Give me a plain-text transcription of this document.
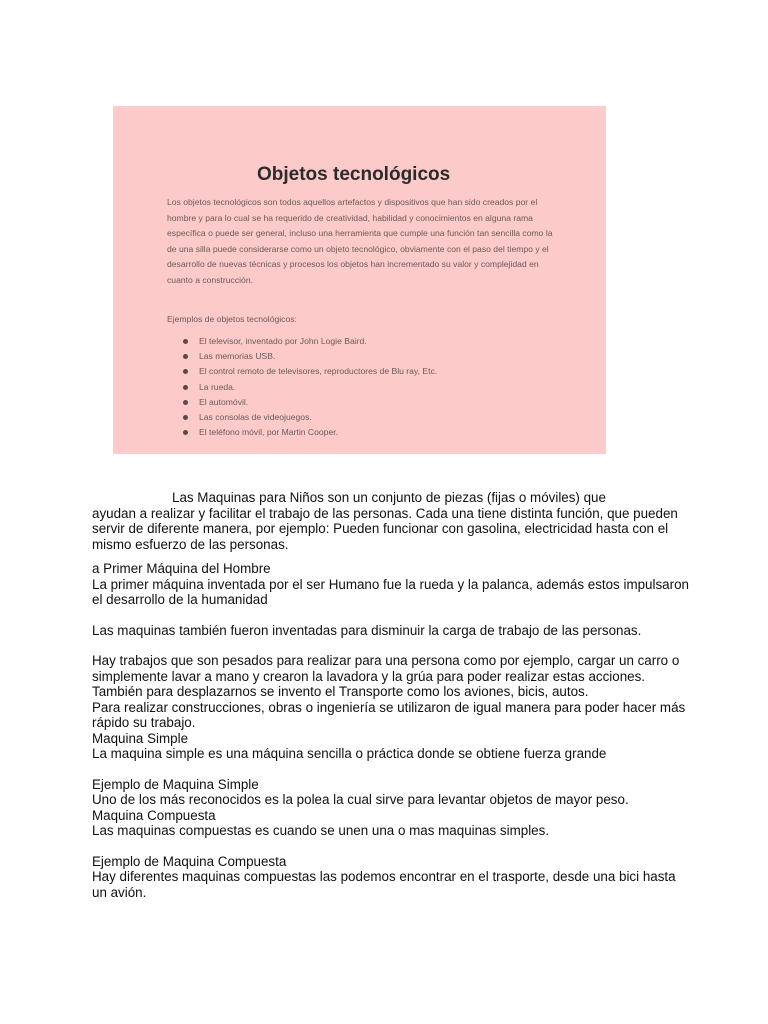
Objetos tecnológicos

Los objetos tecnológicos son todos aquellos artefactos y dispositivos que han sido creados por el hombre y para lo cual se ha requerido de creatividad, habilidad y conocimientos en alguna rama específica o puede ser general, incluso una herramienta que cumple una función tan sencilla como la de una silla puede considerarse como un objeto tecnológico, obviamente con el paso del tiempo y el desarrollo de nuevas técnicas y procesos los objetos han incrementado su valor y complejidad en cuanto a construcción.

Ejemplos de objetos tecnológicos:

El televisor, inventado por John Logie Baird.
Las memorias USB.
El control remoto de televisores, reproductores de Blu ray, Etc.
La rueda.
El automóvil.
Las consolas de videojuegos.
El teléfono móvil, por Martin Cooper.

Las Maquinas para Niños son un conjunto de piezas (fijas o móviles) que
ayudan a realizar y facilitar el trabajo de las personas. Cada una tiene distinta función, que pueden servir de diferente manera, por ejemplo: Pueden funcionar con gasolina, electricidad hasta con el mismo esfuerzo de las personas.

a Primer Máquina del Hombre

La primer máquina inventada por el ser Humano fue la rueda y la palanca, además estos impulsaron el desarrollo de la humanidad

Las maquinas también fueron inventadas para disminuir la carga de trabajo de las personas.

Hay trabajos que son pesados para realizar para una persona como por ejemplo, cargar un carro o simplemente lavar a mano y crearon la lavadora y la grúa para poder realizar estas acciones.

También para desplazarnos se invento el Transporte como los aviones, bicis, autos.

Para realizar construcciones, obras o ingeniería se utilizaron de igual manera para poder hacer más rápido su trabajo.

Maquina Simple

La maquina simple es una máquina sencilla o práctica donde se obtiene fuerza grande

Ejemplo de Maquina Simple

Uno de los más reconocidos es la polea la cual sirve para levantar objetos de mayor peso.

Maquina Compuesta

Las maquinas compuestas es cuando se unen una o mas maquinas simples.

Ejemplo de Maquina Compuesta

Hay diferentes maquinas compuestas las podemos encontrar en el trasporte, desde una bici hasta un avión.
